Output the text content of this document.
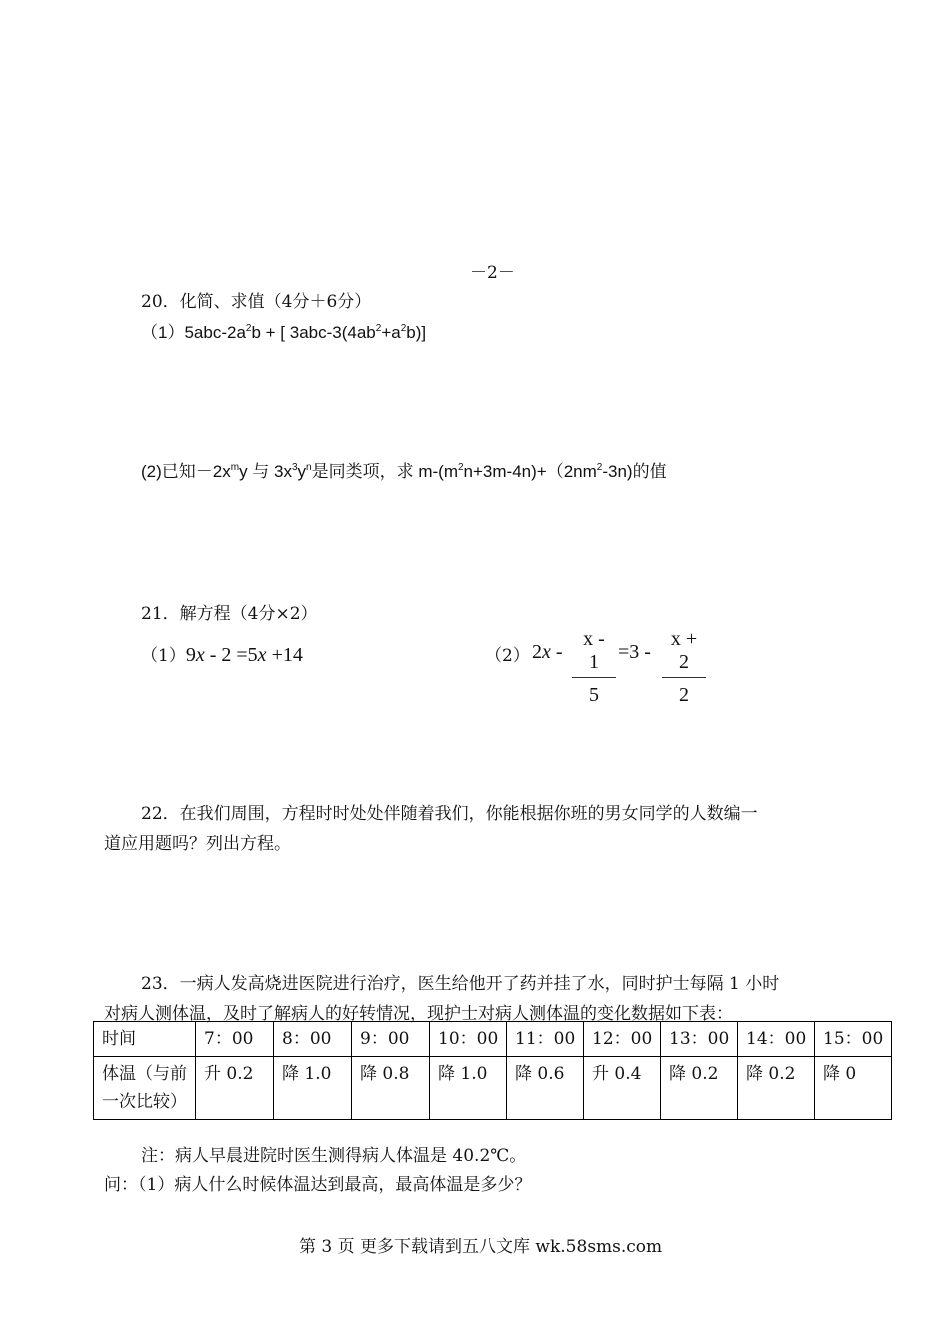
－2－
20．化简、求值（4分＋6分）
$(1)5abc-2a^2b$ + [ $3abc-3(4ab^2+a^2b)$]
(2)已知$-2x^my$ 与 $3x^3y^n$是同类项，求 $m-(m^2n+3m-4n)+(2nm^2-3n)$的值
21．解方程（4分×2）
（1）9x - 2 =5x +14	（2） 2x -
x - 1
5
=3 -
x + 2
2
22．在我们周围，方程时时处处伴随着我们，你能根据你班的男女同学的人数编一
道应用题吗？列出方程。
23．一病人发高烧进医院进行治疗，医生给他开了药并挂了水，同时护士每隔 1 小时
对病人测体温，及时了解病人的好转情况，现护士对病人测体温的变化数据如下表：
时间	7：00	8：00	9：00	10：00	11：00	12：00	13：00	14：00	15：00
体温（与前一次比较）	升 0.2	降 1.0	降 0.8	降 1.0	降 0.6	升 0.4	降 0.2	降 0.2	降 0
注：病人早晨进院时医生测得病人体温是 40.2℃。
问：（1）病人什么时候体温达到最高，最高体温是多少？
第 3 页 更多下载请到五八文库 wk.58sms.com
